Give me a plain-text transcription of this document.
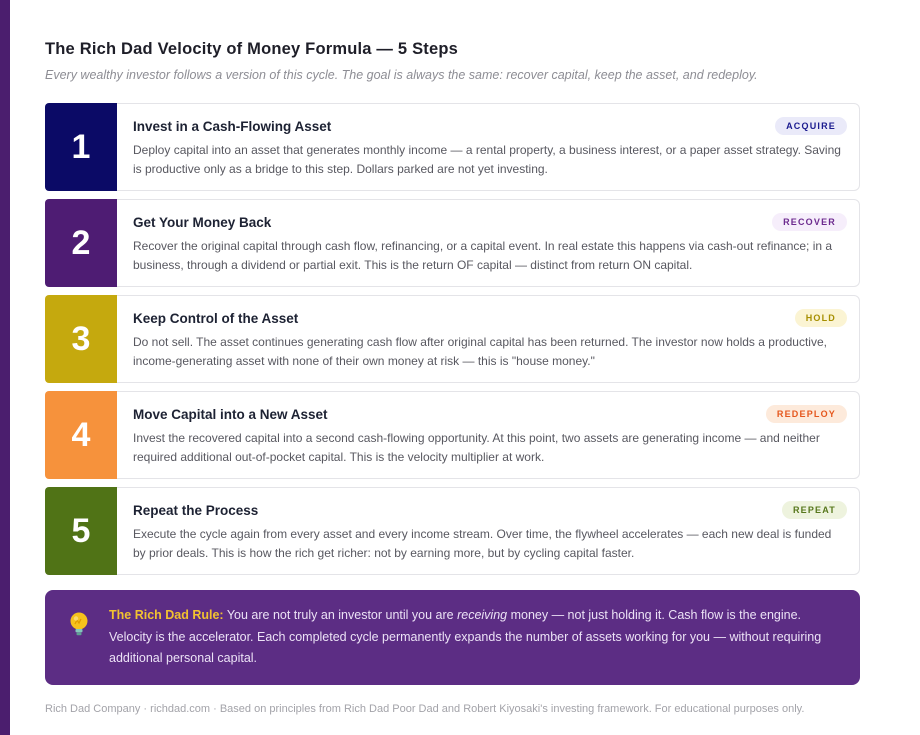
The Rich Dad Velocity of Money Formula — 5 Steps
Every wealthy investor follows a version of this cycle. The goal is always the same: recover capital, keep the asset, and redeploy.
1
Invest in a Cash-Flowing Asset	ACQUIRE
Deploy capital into an asset that generates monthly income — a rental property, a business interest, or a paper asset strategy. Saving is productive only as a bridge to this step. Dollars parked are not yet investing.
2
Get Your Money Back	RECOVER
Recover the original capital through cash flow, refinancing, or a capital event. In real estate this happens via cash-out refinance; in a business, through a dividend or partial exit. This is the return OF capital — distinct from return ON capital.
3
Keep Control of the Asset	HOLD
Do not sell. The asset continues generating cash flow after original capital has been returned. The investor now holds a productive, income-generating asset with none of their own money at risk — this is "house money."
4
Move Capital into a New Asset	REDEPLOY
Invest the recovered capital into a second cash-flowing opportunity. At this point, two assets are generating income — and neither required additional out-of-pocket capital. This is the velocity multiplier at work.
5
Repeat the Process	REPEAT
Execute the cycle again from every asset and every income stream. Over time, the flywheel accelerates — each new deal is funded by prior deals. This is how the rich get richer: not by earning more, but by cycling capital faster.
The Rich Dad Rule: You are not truly an investor until you are receiving money — not just holding it. Cash flow is the engine. Velocity is the accelerator. Each completed cycle permanently expands the number of assets working for you — without requiring additional personal capital.
Rich Dad Company · richdad.com · Based on principles from Rich Dad Poor Dad and Robert Kiyosaki's investing framework. For educational purposes only.
